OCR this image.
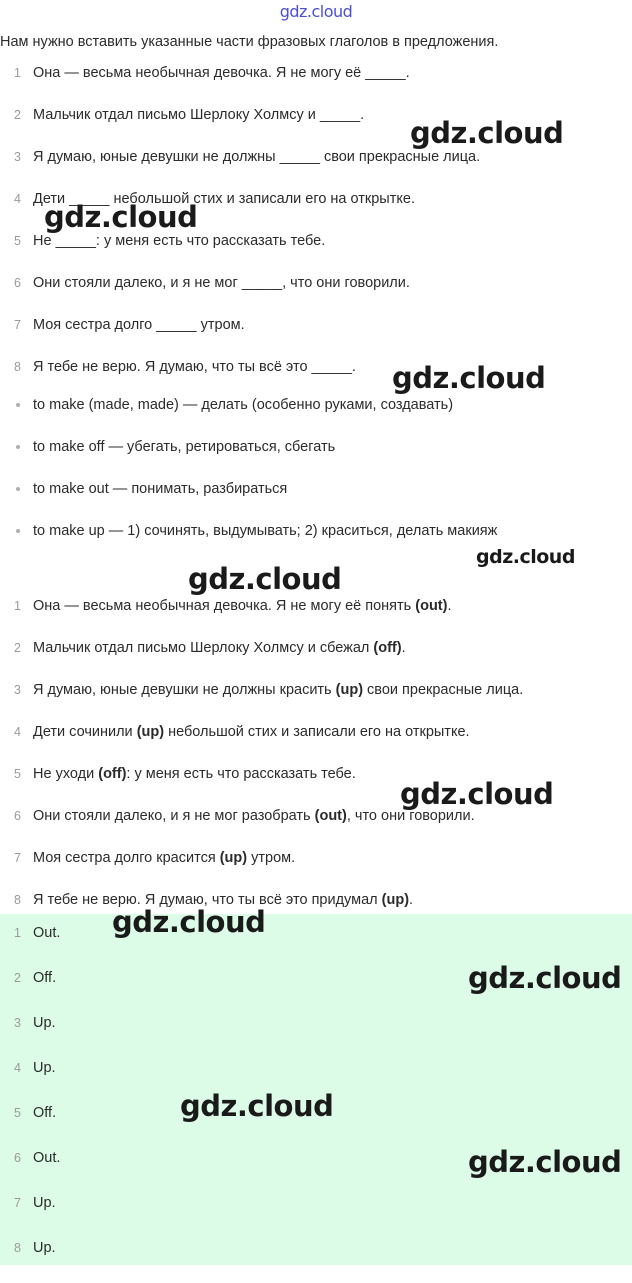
gdz.cloud
Нам нужно вставить указанные части фразовых глаголов в предложения.
1 Она — весьма необычная девочка. Я не могу её _____.
2 Мальчик отдал письмо Шерлоку Холмсу и _____.
3 Я думаю, юные девушки не должны _____ свои прекрасные лица.
4 Дети _____ небольшой стих и записали его на открытке.
5 Не _____: у меня есть что рассказать тебе.
6 Они стояли далеко, и я не мог _____, что они говорили.
7 Моя сестра долго _____ утром.
8 Я тебе не верю. Я думаю, что ты всё это _____.
to make (made, made) — делать (особенно руками, создавать)
to make off — убегать, ретироваться, сбегать
to make out — понимать, разбираться
to make up — 1) сочинять, выдумывать; 2) краситься, делать макияж
1 Она — весьма необычная девочка. Я не могу её понять (out).
2 Мальчик отдал письмо Шерлоку Холмсу и сбежал (off).
3 Я думаю, юные девушки не должны красить (up) свои прекрасные лица.
4 Дети сочинили (up) небольшой стих и записали его на открытке.
5 Не уходи (off): у меня есть что рассказать тебе.
6 Они стояли далеко, и я не мог разобрать (out), что они говорили.
7 Моя сестра долго красится (up) утром.
8 Я тебе не верю. Я думаю, что ты всё это придумал (up).
1 Out.
2 Off.
3 Up.
4 Up.
5 Off.
6 Out.
7 Up.
8 Up.
gdz.cloud
gdz.cloud
gdz.cloud
gdz.cloud
gdz.cloud
gdz.cloud
gdz.cloud
gdz.cloud
gdz.cloud
gdz.cloud
